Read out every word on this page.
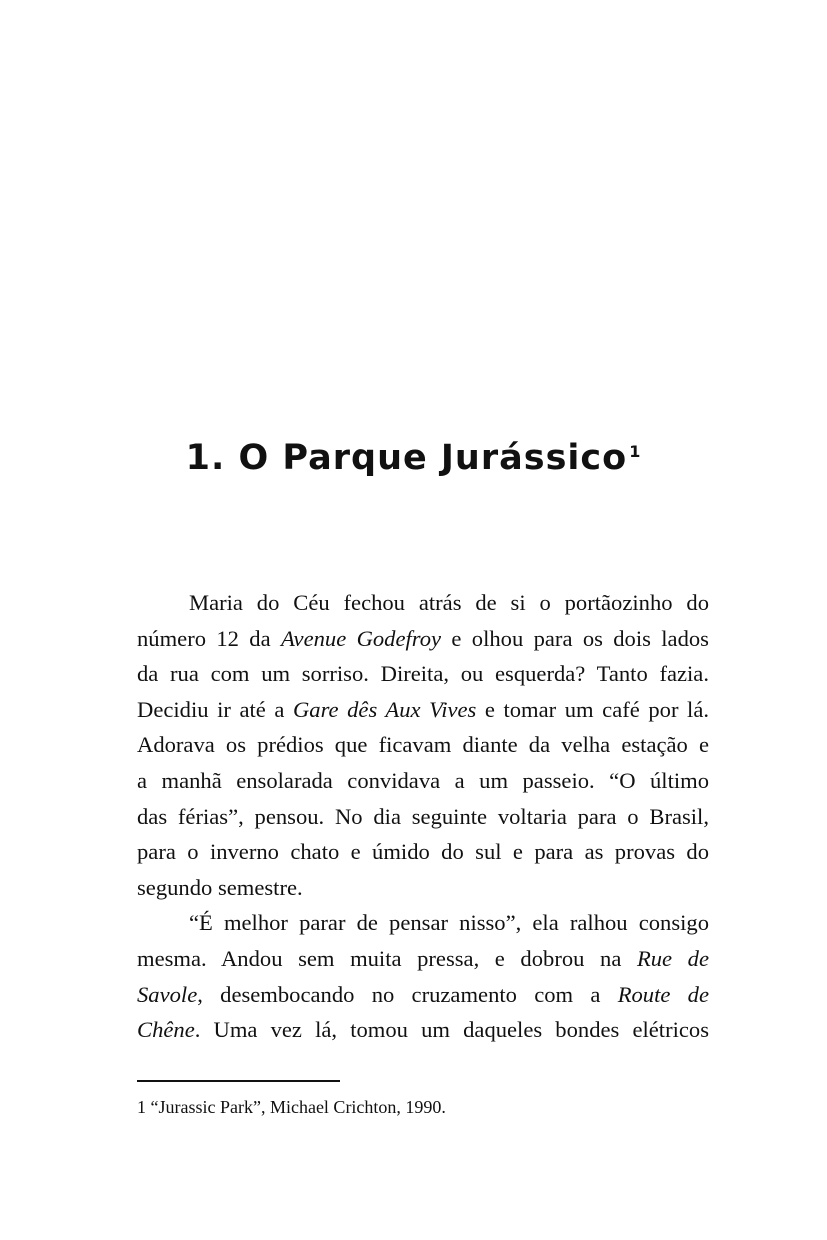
1. O Parque Jurássico $^1$

Maria do Céu fechou atrás de si o portãozinho do
número 12 da Avenue Godefroy e olhou para os dois lados
da rua com um sorriso. Direita, ou esquerda? Tanto fazia.
Decidiu ir até a Gare dês Aux Vives e tomar um café por lá.
Adorava os prédios que ficavam diante da velha estação e
a manhã ensolarada convidava a um passeio. “O último
das férias”, pensou. No dia seguinte voltaria para o Brasil,
para o inverno chato e úmido do sul e para as provas do
segundo semestre.

“É melhor parar de pensar nisso”, ela ralhou consigo
mesma. Andou sem muita pressa, e dobrou na Rue de
Savole, desembocando no cruzamento com a Route de
Chêne. Uma vez lá, tomou um daqueles bondes elétricos

1 “Jurassic Park”, Michael Crichton, 1990.
